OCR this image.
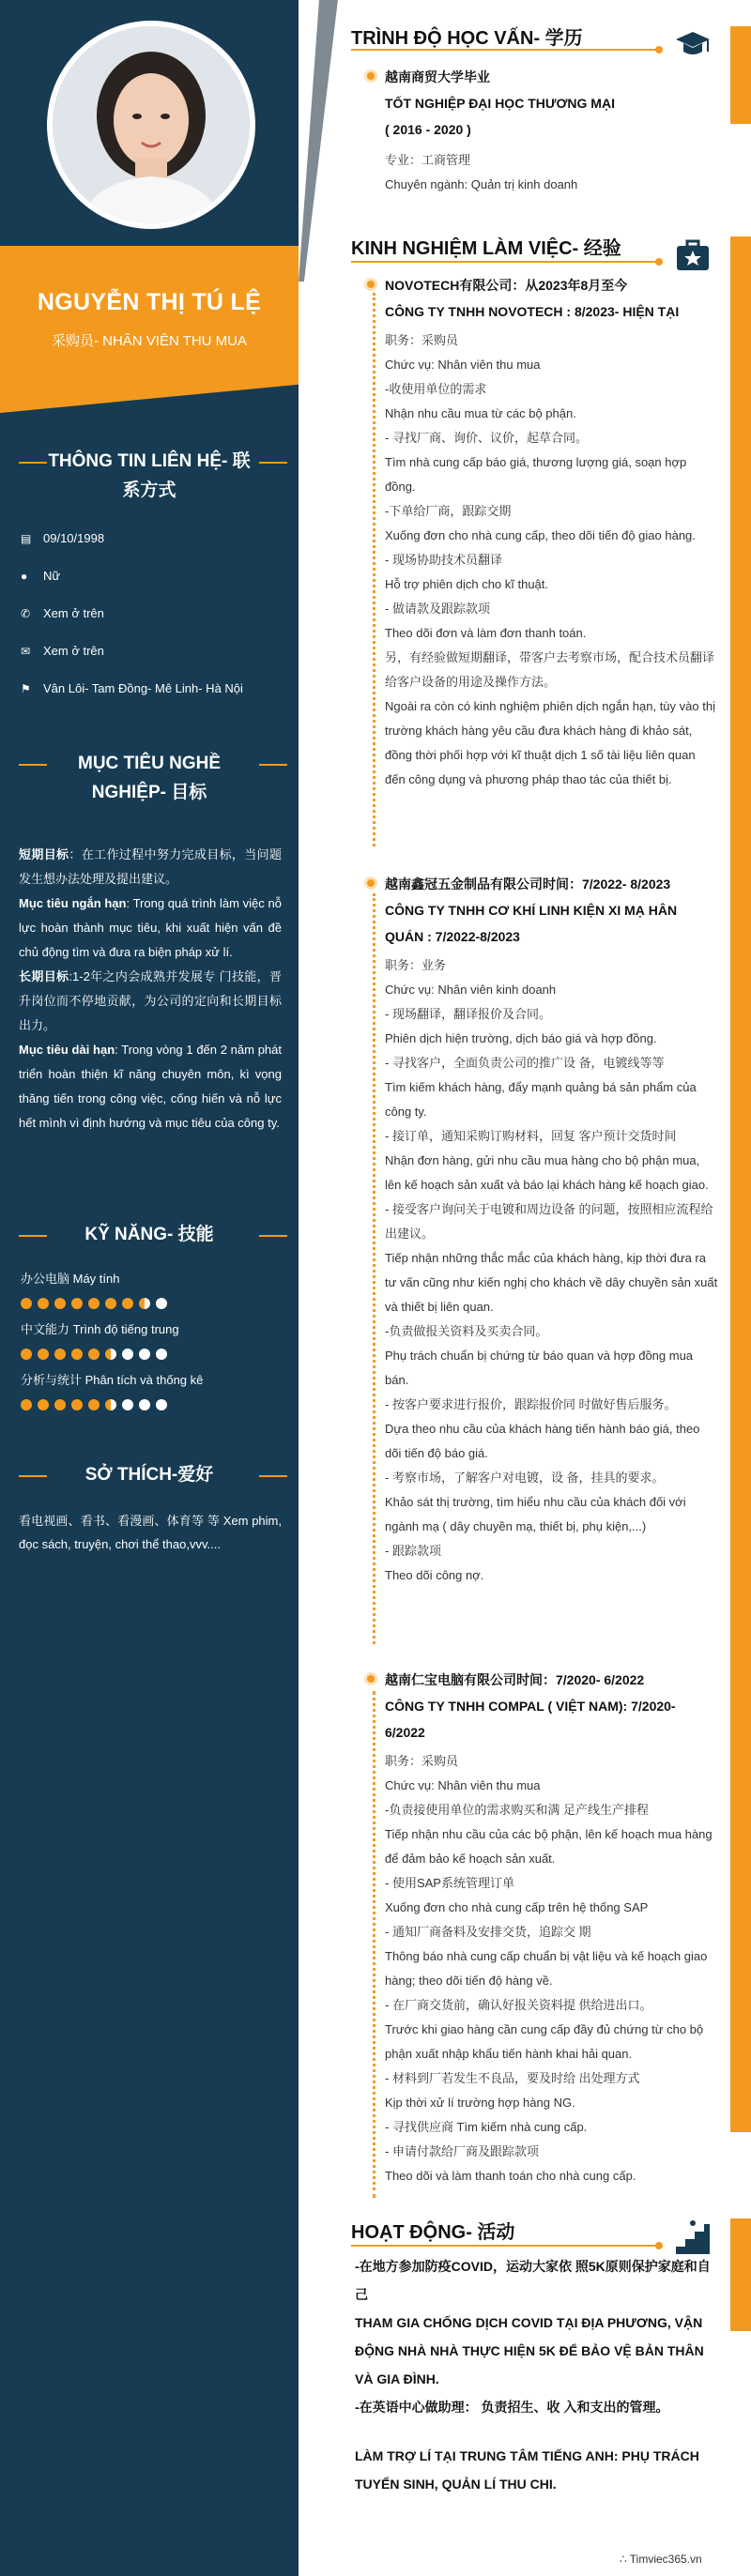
NGUYỄN THỊ TÚ LỆ
采购员- NHÂN VIÊN THU MUA
THÔNG TIN LIÊN HỆ- 联系方式
▤ 09/10/1998
● Nữ
✆ Xem ở trên
✉ Xem ở trên
⚑ Vân Lôi- Tam Đồng- Mê Linh- Hà Nội
MỤC TIÊU NGHỀ NGHIỆP- 目标

短期目标：在工作过程中努力完成目标，当问题发生想办法处理及提出建议。

Mục tiêu ngắn hạn: Trong quá trình làm việc nỗ lực hoàn thành mục tiêu, khi xuất hiện vấn đề chủ động tìm và đưa ra biện pháp xử lí.

长期目标:1-2年之内会成熟并发展专 门技能，晋升岗位而不停地贡献，为公司的定向和长期目标出力。

Mục tiêu dài hạn: Trong vòng 1 đến 2 năm phát triển hoàn thiện kĩ năng chuyên môn, kì vọng thăng tiến trong công việc, cống hiến và nỗ lực hết mình vì định hướng và mục tiêu của công ty.

KỸ NĂNG- 技能
办公电脑 Máy tính
中文能力 Trình độ tiếng trung
分析与统计 Phân tích và thống kê
SỞ THÍCH-爱好
看电视画、看书、看漫画、体育等 等 Xem phim, đọc sách, truyện, chơi thể thao,vvv....
TRÌNH ĐỘ HỌC VẤN- 学历
越南商贸大学毕业
TỐT NGHIỆP ĐẠI HỌC THƯƠNG MẠI
( 2016 - 2020 )
专业：工商管理
Chuyên ngành: Quản trị kinh doanh
KINH NGHIỆM LÀM VIỆC- 经验
NOVOTECH有限公司：从2023年8月至今
CÔNG TY TNHH NOVOTECH : 8/2023- HIỆN TẠI
职务：采购员
Chức vụ: Nhân viên thu mua
-收使用单位的需求
Nhận nhu cầu mua từ các bộ phận.
- 寻找厂商、询价、议价，起草合同。
Tìm nhà cung cấp báo giá, thương lượng giá, soạn hợp đồng.
-下单给厂商，跟踪交期
Xuống đơn cho nhà cung cấp, theo dõi tiến độ giao hàng.
- 现场协助技术员翻译
Hỗ trợ phiên dịch cho kĩ thuật.
- 做请款及跟踪款项
Theo dõi đơn và làm đơn thanh toán.
另，有经验做短期翻译，带客户去考察市场，配合技术员翻译给客户设备的用途及操作方法。
Ngoài ra còn có kinh nghiệm phiên dịch ngắn hạn, tùy vào thị trường khách hàng yêu cầu đưa khách hàng đi khảo sát, đồng thời phối hợp với kĩ thuật dịch 1 số tài liệu liên quan đến công dụng và phương pháp thao tác của thiết bị.
越南鑫冠五金制品有限公司时间：7/2022- 8/2023
CÔNG TY TNHH CƠ KHÍ LINH KIỆN XI MẠ HÂN QUÁN : 7/2022-8/2023
职务：业务
Chức vụ: Nhân viên kinh doanh
- 现场翻译，翻译报价及合同。
Phiên dịch hiện trường, dịch báo giá và hợp đồng.
- 寻找客户，全面负责公司的推广设 备，电镀线等等
Tìm kiếm khách hàng, đẩy mạnh quảng bá sản phẩm của công ty.
- 接订单，通知采购订购材料，回复 客户预计交货时间
Nhận đơn hàng, gửi nhu cầu mua hàng cho bộ phận mua, lên kế hoạch sản xuất và báo lại khách hàng kế hoạch giao.
- 接受客户询问关于电镀和周边设备 的问题，按照相应流程给出建议。
Tiếp nhận những thắc mắc của khách hàng, kịp thời đưa ra tư vấn cũng như kiến nghị cho khách về dây chuyền sản xuất và thiết bị liên quan.
-负责做报关资料及买卖合同。
Phụ trách chuẩn bị chứng từ báo quan và hợp đồng mua bán.
- 按客户要求进行报价，跟踪报价同 时做好售后服务。
Dựa theo nhu cầu của khách hàng tiến hành báo giá, theo dõi tiến độ báo giá.
- 考察市场，了解客户对电镀，设 备，挂具的要求。
Khảo sát thị trường, tìm hiểu nhu cầu của khách đối với ngành mạ ( dây chuyền mạ, thiết bị, phụ kiện,...)
- 跟踪款项
Theo dõi công nợ.
越南仁宝电脑有限公司时间：7/2020- 6/2022
CÔNG TY TNHH COMPAL ( VIỆT NAM): 7/2020- 6/2022
职务：采购员
Chức vụ: Nhân viên thu mua
-负责接使用单位的需求购买和满 足产线生产排程
Tiếp nhận nhu cầu của các bộ phận, lên kế hoạch mua hàng để đảm bảo kế hoạch sản xuất.
- 使用SAP系统管理订单
Xuống đơn cho nhà cung cấp trên hệ thống SAP
- 通知厂商备料及安排交货，追踪交 期
Thông báo nhà cung cấp chuẩn bị vật liệu và kế hoạch giao hàng; theo dõi tiến độ hàng về.
- 在厂商交货前，确认好报关资料提 供给进出口。
Trước khi giao hàng cần cung cấp đầy đủ chứng từ cho bộ phận xuất nhập khẩu tiến hành khai hải quan.
- 材料到厂若发生不良品，要及时给 出处理方式
Kịp thời xử lí trường hợp hàng NG.
- 寻找供应商 Tìm kiếm nhà cung cấp.
- 申请付款给厂商及跟踪款项
Theo dõi và làm thanh toán cho nhà cung cấp.
HOẠT ĐỘNG- 活动

-在地方参加防疫COVID，运动大家依 照5K原则保护家庭和自己

THAM GIA CHỐNG DỊCH COVID TẠI ĐỊA PHƯƠNG, VẬN ĐỘNG NHÀ NHÀ THỰC HIỆN 5K ĐỂ BẢO VỆ BẢN THÂN VÀ GIA ĐÌNH.

-在英语中心做助理： 负责招生、收 入和支出的管理。

LÀM TRỢ LÍ TẠI TRUNG TÂM TIẾNG ANH: PHỤ TRÁCH TUYỂN SINH, QUẢN LÍ THU CHI.

∴ Timviec365.vn
